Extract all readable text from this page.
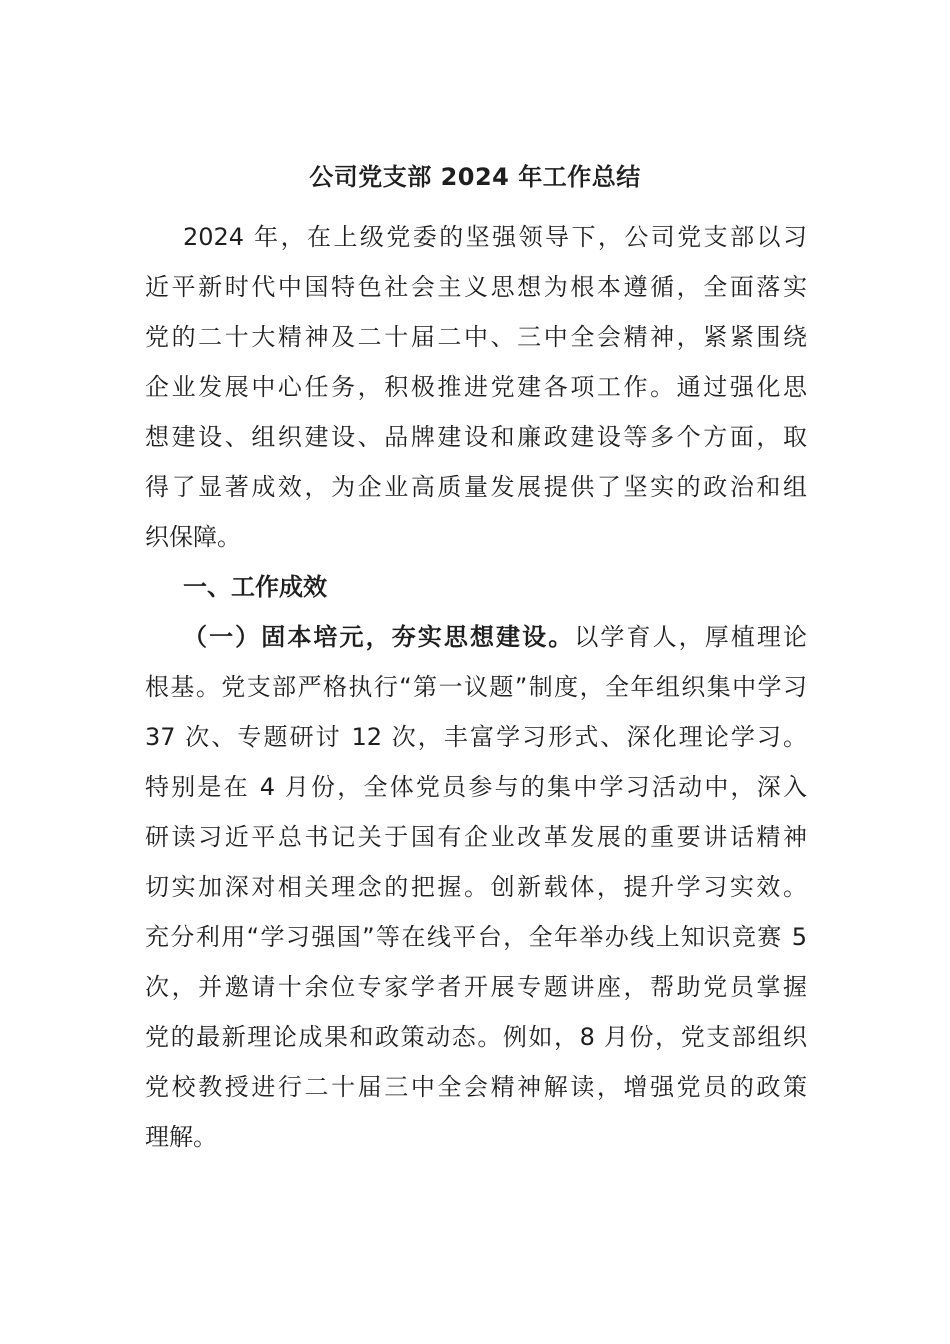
公司党支部 2024 年工作总结
2024 年，在上级党委的坚强领导下，公司党支部以习
近平新时代中国特色社会主义思想为根本遵循，全面落实
党的二十大精神及二十届二中、三中全会精神，紧紧围绕
企业发展中心任务，积极推进党建各项工作。通过强化思
想建设、组织建设、品牌建设和廉政建设等多个方面，取
得了显著成效，为企业高质量发展提供了坚实的政治和组
织保障。
一、工作成效
（一）固本培元，夯实思想建设。以学育人，厚植理论
根基。党支部严格执行“第一议题”制度，全年组织集中学习
37 次、专题研讨 12 次，丰富学习形式、深化理论学习。
特别是在 4 月份，全体党员参与的集中学习活动中，深入
研读习近平总书记关于国有企业改革发展的重要讲话精神
切实加深对相关理念的把握。创新载体，提升学习实效。
充分利用“学习强国”等在线平台，全年举办线上知识竞赛 5
次，并邀请十余位专家学者开展专题讲座，帮助党员掌握
党的最新理论成果和政策动态。例如，8 月份，党支部组织
党校教授进行二十届三中全会精神解读，增强党员的政策
理解。
